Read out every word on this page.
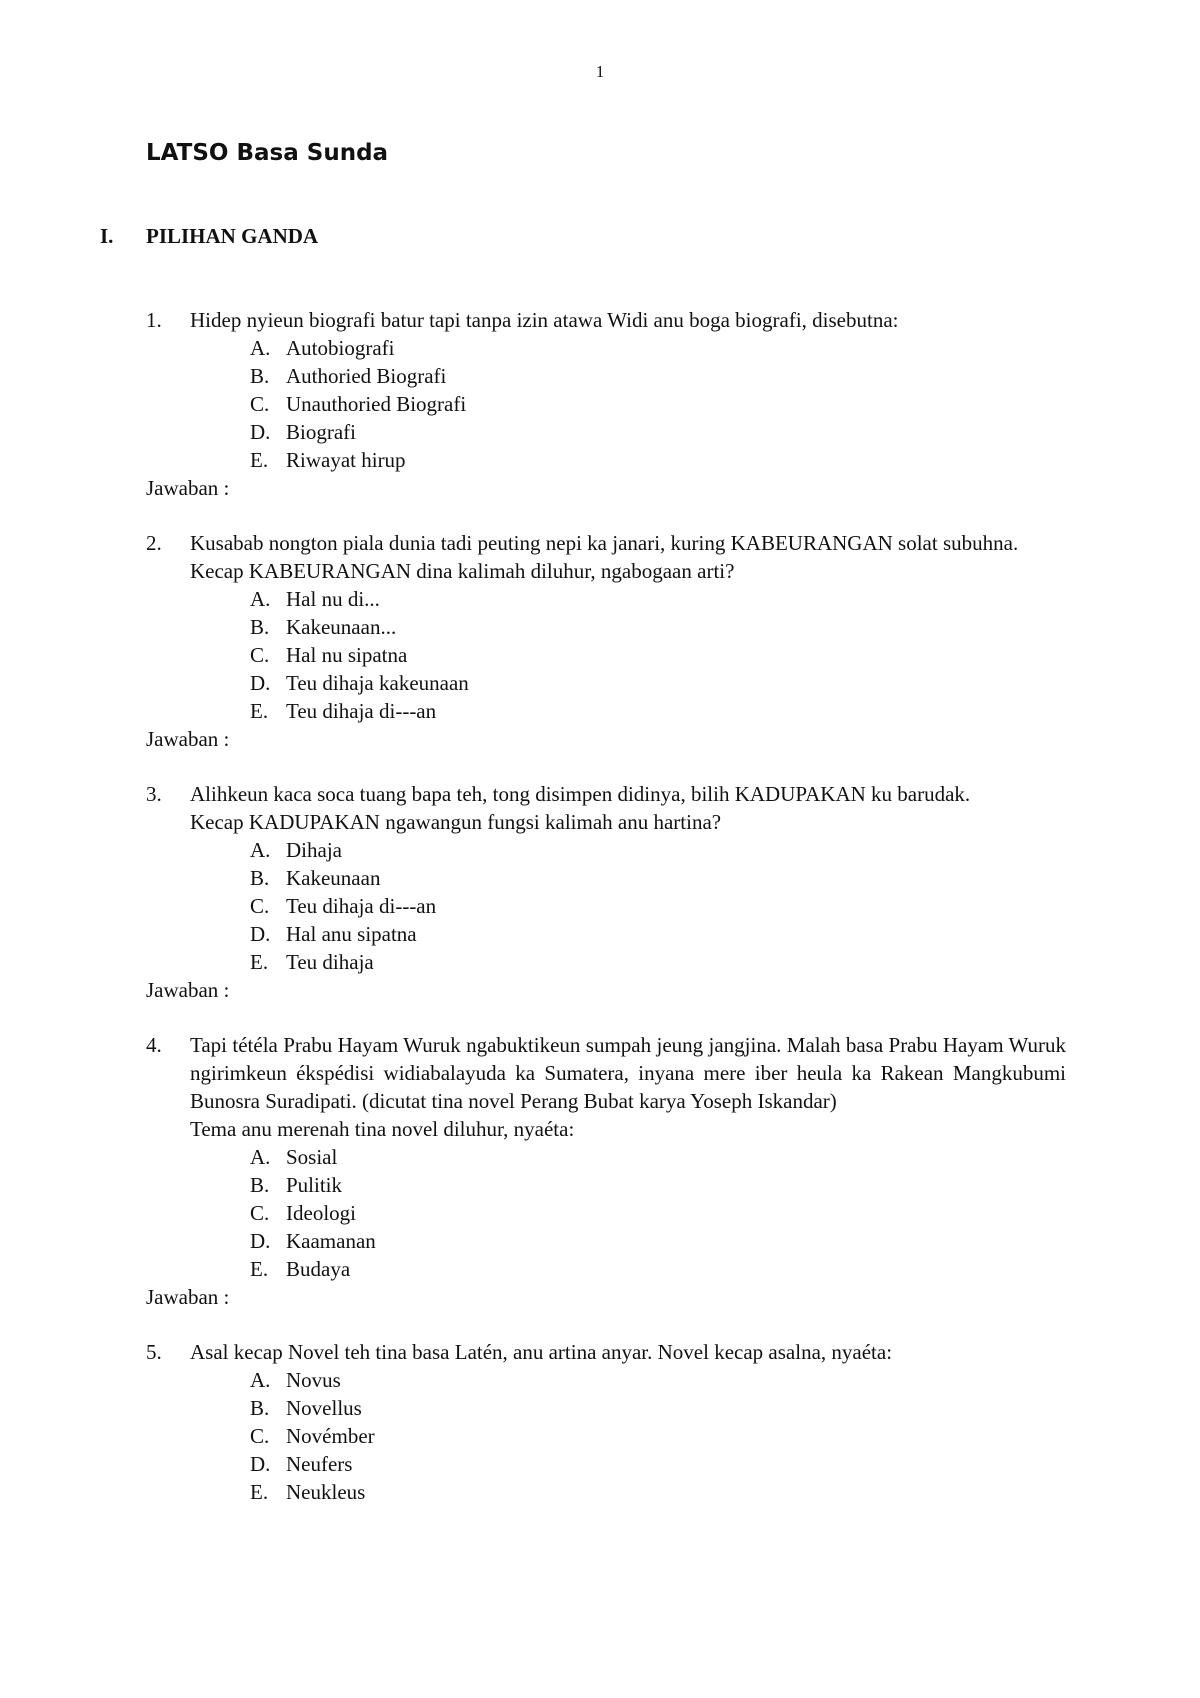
1
LATSO Basa Sunda
I. PILIHAN GANDA
1.	Hidep nyieun biografi batur tapi tanpa izin atawa Widi anu boga biografi, disebutna:
A. Autobiografi
B. Authoried Biografi
C. Unauthoried Biografi
D. Biografi
E. Riwayat hirup
Jawaban :
2.	Kusabab nongton piala dunia tadi peuting nepi ka janari, kuring KABEURANGAN solat subuhna.
Kecap KABEURANGAN dina kalimah diluhur, ngabogaan arti?
A. Hal nu di...
B. Kakeunaan...
C. Hal nu sipatna
D. Teu dihaja kakeunaan
E. Teu dihaja di---an
Jawaban :
3.	Alihkeun kaca soca tuang bapa teh, tong disimpen didinya, bilih KADUPAKAN ku barudak.
Kecap KADUPAKAN ngawangun fungsi kalimah anu hartina?
A. Dihaja
B. Kakeunaan
C. Teu dihaja di---an
D. Hal anu sipatna
E. Teu dihaja
Jawaban :
4.	Tapi tétéla Prabu Hayam Wuruk ngabuktikeun sumpah jeung jangjina. Malah basa Prabu Hayam Wuruk ngirimkeun ékspédisi widiabalayuda ka Sumatera, inyana mere iber heula ka Rakean Mangkubumi Bunosra Suradipati. (dicutat tina novel Perang Bubat karya Yoseph Iskandar)
Tema anu merenah tina novel diluhur, nyaéta:
A. Sosial
B. Pulitik
C. Ideologi
D. Kaamanan
E. Budaya
Jawaban :
5.	Asal kecap Novel teh tina basa Latén, anu artina anyar. Novel kecap asalna, nyaéta:
A. Novus
B. Novellus
C. Novémber
D. Neufers
E. Neukleus
